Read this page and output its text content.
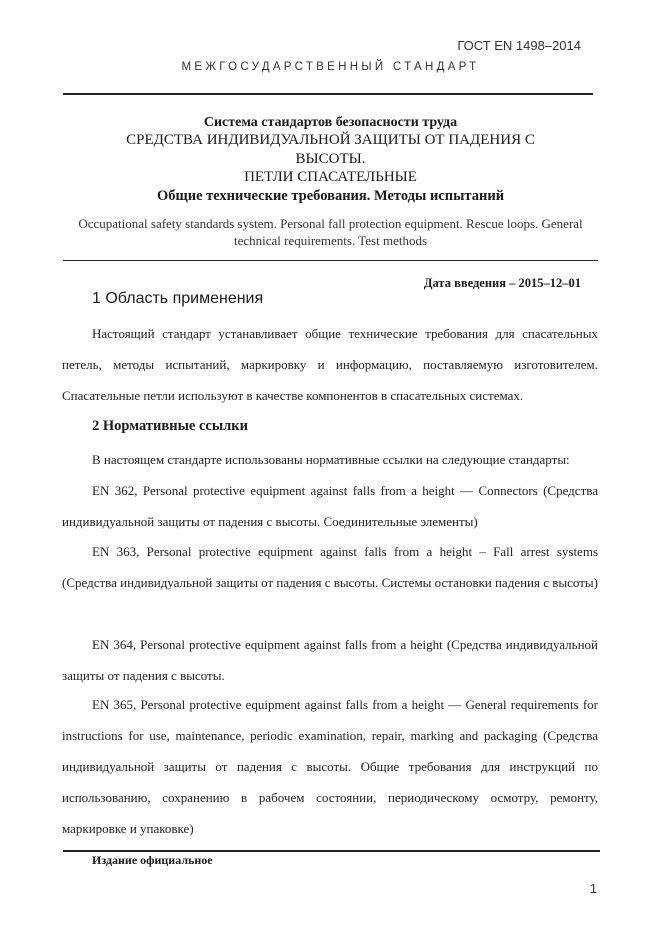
ГОСТ EN 1498–2014
МЕЖГОСУДАРСТВЕННЫЙ СТАНДАРТ
Система стандартов безопасности труда
СРЕДСТВА ИНДИВИДУАЛЬНОЙ ЗАЩИТЫ ОТ ПАДЕНИЯ С
ВЫСОТЫ.
ПЕТЛИ СПАСАТЕЛЬНЫЕ
Общие технические требования. Методы испытаний
Occupational safety standards system. Personal fall protection equipment. Rescue loops. General technical requirements. Test methods
Дата введения – 2015–12–01
1 Область применения
Настоящий стандарт устанавливает общие технические требования для спасательных петель, методы испытаний, маркировку и информацию, поставляемую изготовителем. Спасательные петли используют в качестве компонентов в спасательных системах.
2 Нормативные ссылки
В настоящем стандарте использованы нормативные ссылки на следующие стандарты:
EN 362, Personal protective equipment against falls from a height — Connectors (Средства индивидуальной защиты от падения с высоты. Соединительные элементы)
EN 363, Personal protective equipment against falls from a height – Fall arrest systems (Средства индивидуальной защиты от падения с высоты. Системы остановки падения с высоты)
EN 364, Personal protective equipment against falls from a height (Средства индивидуальной защиты от падения с высоты.
EN 365, Personal protective equipment against falls from a height — General requirements for instructions for use, maintenance, periodic examination, repair, marking and packaging (Средства индивидуальной защиты от падения с высоты. Общие требования для инструкций по использованию, сохранению в рабочем состоянии, периодическому осмотру, ремонту, маркировке и упаковке)
Издание официальное
1
